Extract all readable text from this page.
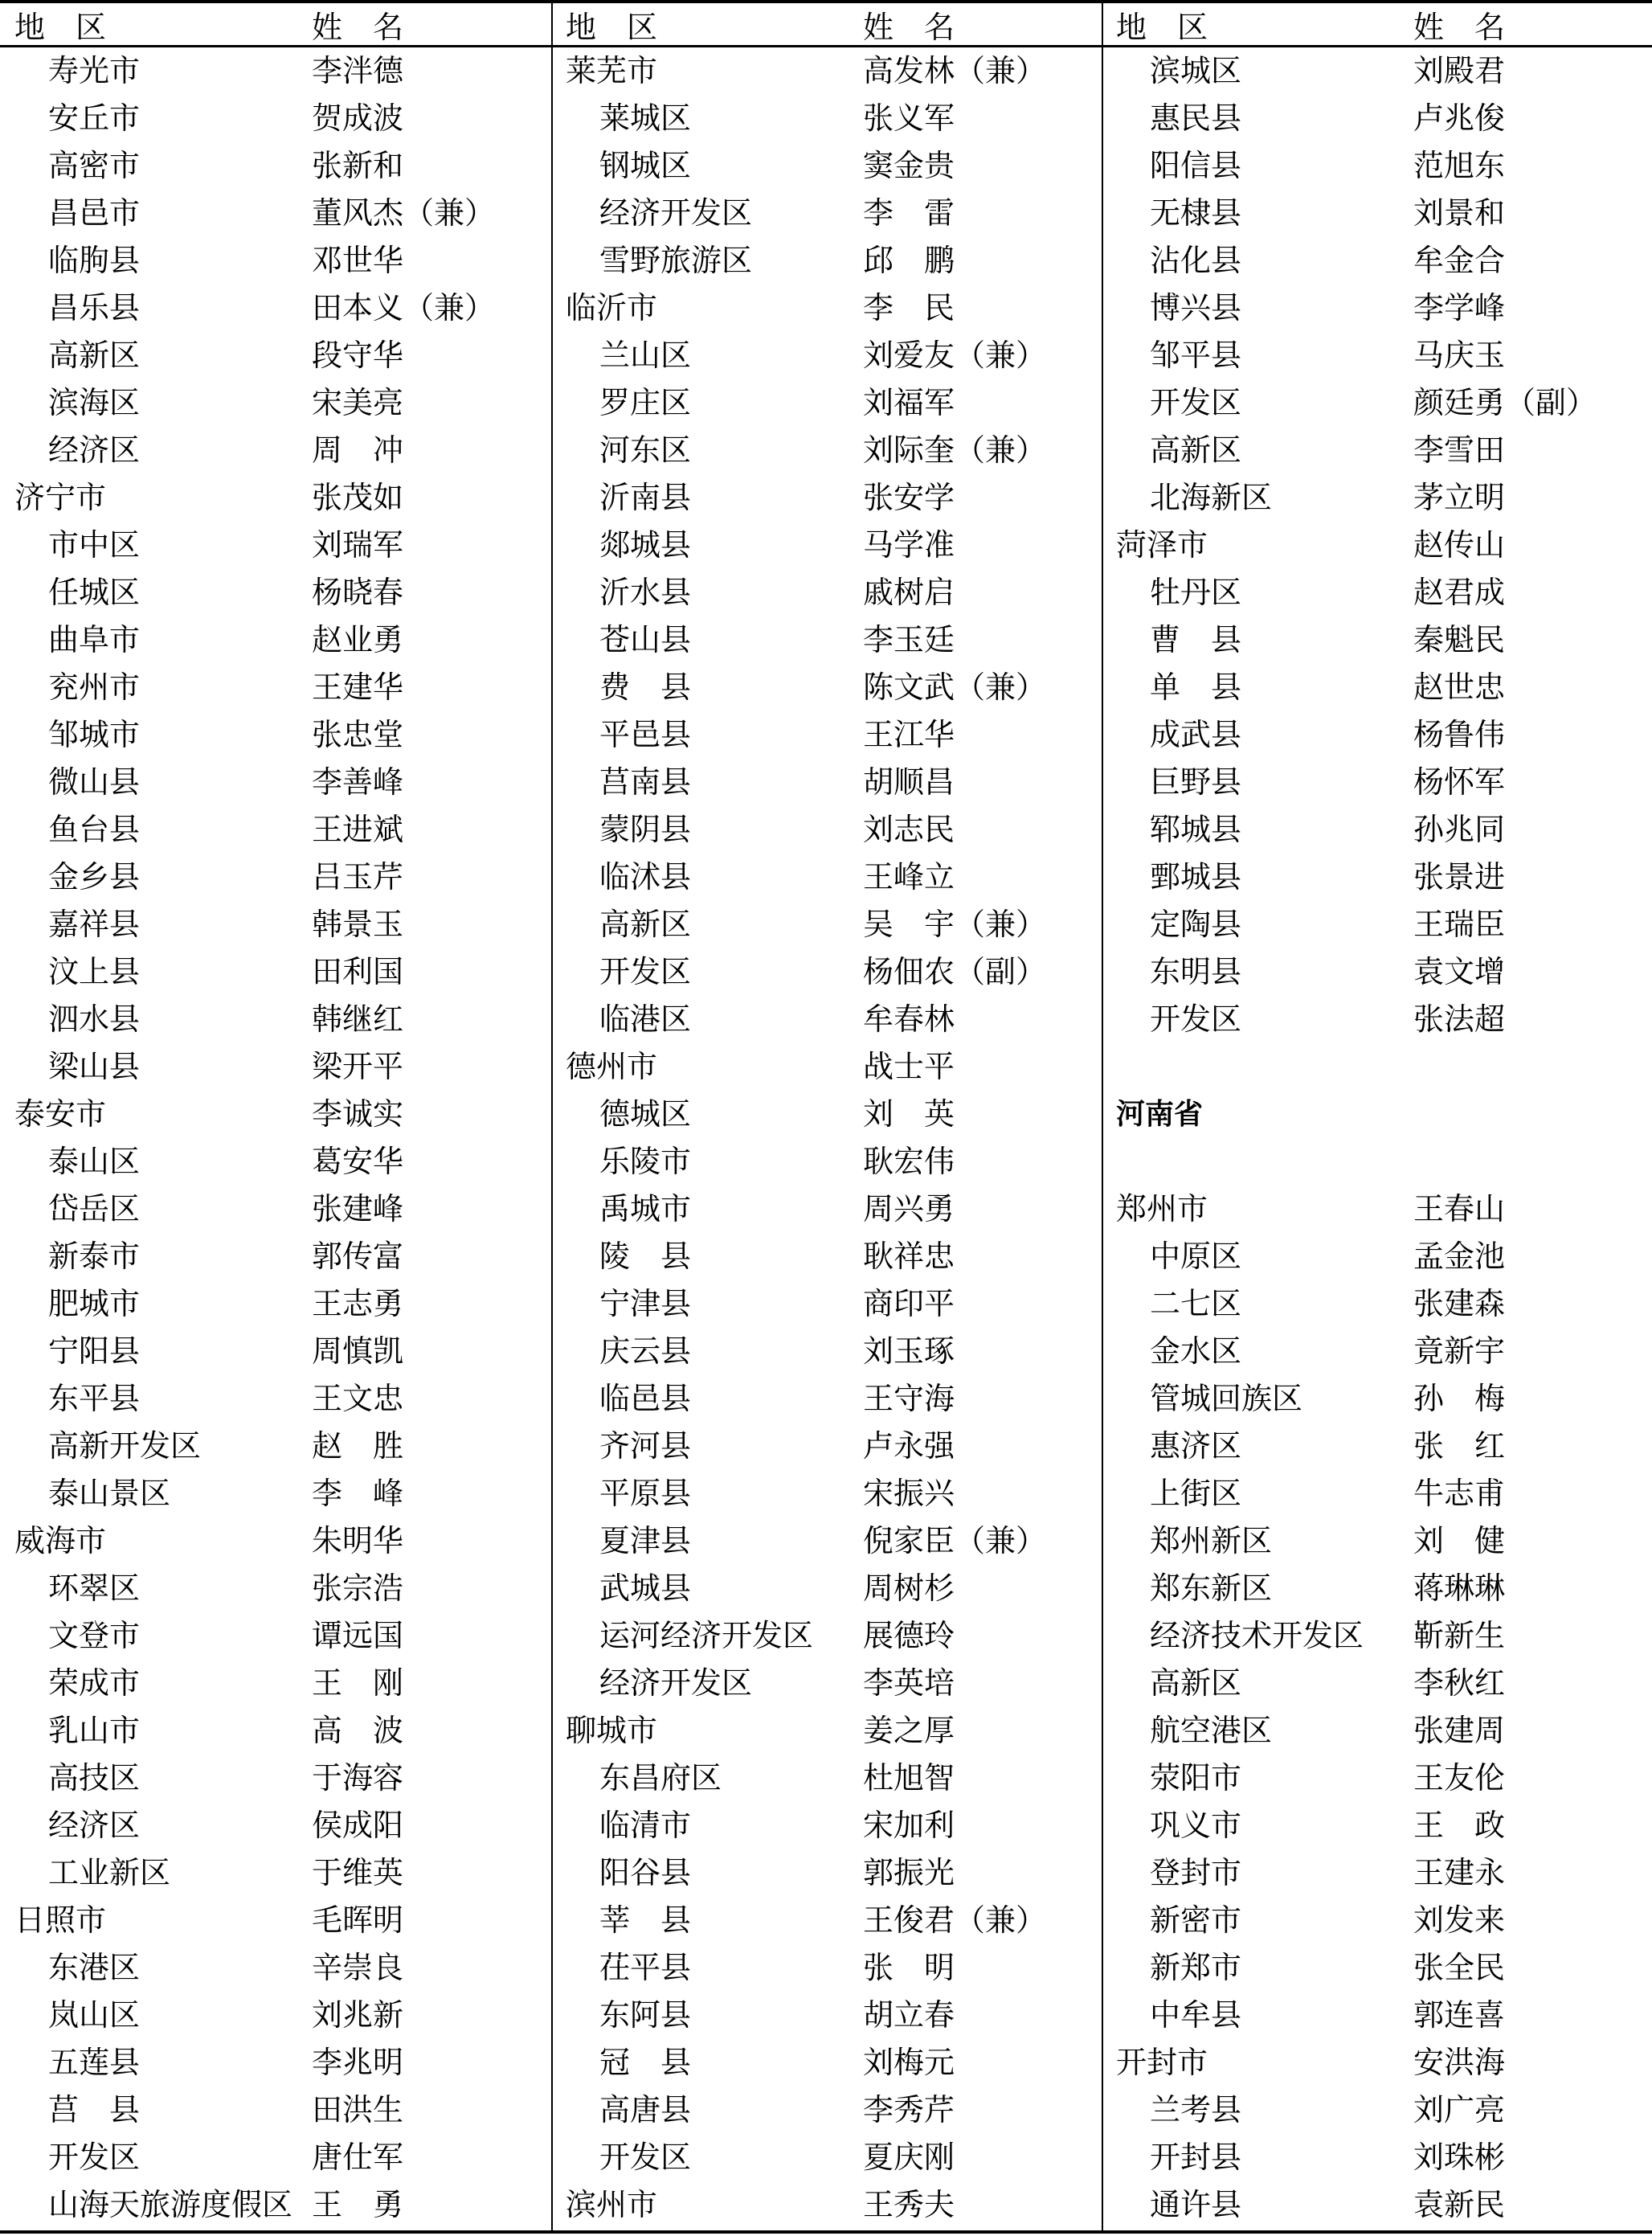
地　区	姓　名
寿光市	李泮德
安丘市	贺成波
高密市	张新和
昌邑市	董风杰（兼）
临朐县	邓世华
昌乐县	田本义（兼）
高新区	段守华
滨海区	宋美亮
经济区	周　冲
济宁市	张茂如
市中区	刘瑞军
任城区	杨晓春
曲阜市	赵业勇
兖州市	王建华
邹城市	张忠堂
微山县	李善峰
鱼台县	王进斌
金乡县	吕玉芹
嘉祥县	韩景玉
汶上县	田利国
泗水县	韩继红
梁山县	梁开平
泰安市	李诚实
泰山区	葛安华
岱岳区	张建峰
新泰市	郭传富
肥城市	王志勇
宁阳县	周慎凯
东平县	王文忠
高新开发区	赵　胜
泰山景区	李　峰
威海市	朱明华
环翠区	张宗浩
文登市	谭远国
荣成市	王　刚
乳山市	高　波
高技区	于海容
经济区	侯成阳
工业新区	于维英
日照市	毛晖明
东港区	辛崇良
岚山区	刘兆新
五莲县	李兆明
莒　县	田洪生
开发区	唐仕军
山海天旅游度假区 王　勇
地　区	姓　名
莱芜市	高发林（兼）
莱城区	张义军
钢城区	窦金贵
经济开发区	李　雷
雪野旅游区	邱　鹏
临沂市	李　民
兰山区	刘爱友（兼）
罗庄区	刘福军
河东区	刘际奎（兼）
沂南县	张安学
郯城县	马学准
沂水县	戚树启
苍山县	李玉廷
费　县	陈文武（兼）
平邑县	王江华
莒南县	胡顺昌
蒙阴县	刘志民
临沭县	王峰立
高新区	吴　宇（兼）
开发区	杨佃农（副）
临港区	牟春林
德州市	战士平
德城区	刘　英
乐陵市	耿宏伟
禹城市	周兴勇
陵　县	耿祥忠
宁津县	商印平
庆云县	刘玉琢
临邑县	王守海
齐河县	卢永强
平原县	宋振兴
夏津县	倪家臣（兼）
武城县	周树杉
运河经济开发区 展德玲
经济开发区	李英培
聊城市	姜之厚
东昌府区	杜旭智
临清市	宋加利
阳谷县	郭振光
莘　县	王俊君（兼）
茌平县	张　明
东阿县	胡立春
冠　县	刘梅元
高唐县	李秀芹
开发区	夏庆刚
滨州市	王秀夫
地　区	姓　名
滨城区	刘殿君
惠民县	卢兆俊
阳信县	范旭东
无棣县	刘景和
沾化县	牟金合
博兴县	李学峰
邹平县	马庆玉
开发区	颜廷勇（副）
高新区	李雪田
北海新区	茅立明
菏泽市	赵传山
牡丹区	赵君成
曹　县	秦魁民
单　县	赵世忠
成武县	杨鲁伟
巨野县	杨怀军
郓城县	孙兆同
鄄城县	张景进
定陶县	王瑞臣
东明县	袁文增
开发区	张法超
河南省
郑州市	王春山
中原区	孟金池
二七区	张建森
金水区	竟新宇
管城回族区	孙　梅
惠济区	张　红
上街区	牛志甫
郑州新区	刘　健
郑东新区	蒋琳琳
经济技术开发区 靳新生
高新区	李秋红
航空港区	张建周
荥阳市	王友伦
巩义市	王　政
登封市	王建永
新密市	刘发来
新郑市	张全民
中牟县	郭连喜
开封市	安洪海
兰考县	刘广亮
开封县	刘珠彬
通许县	袁新民
